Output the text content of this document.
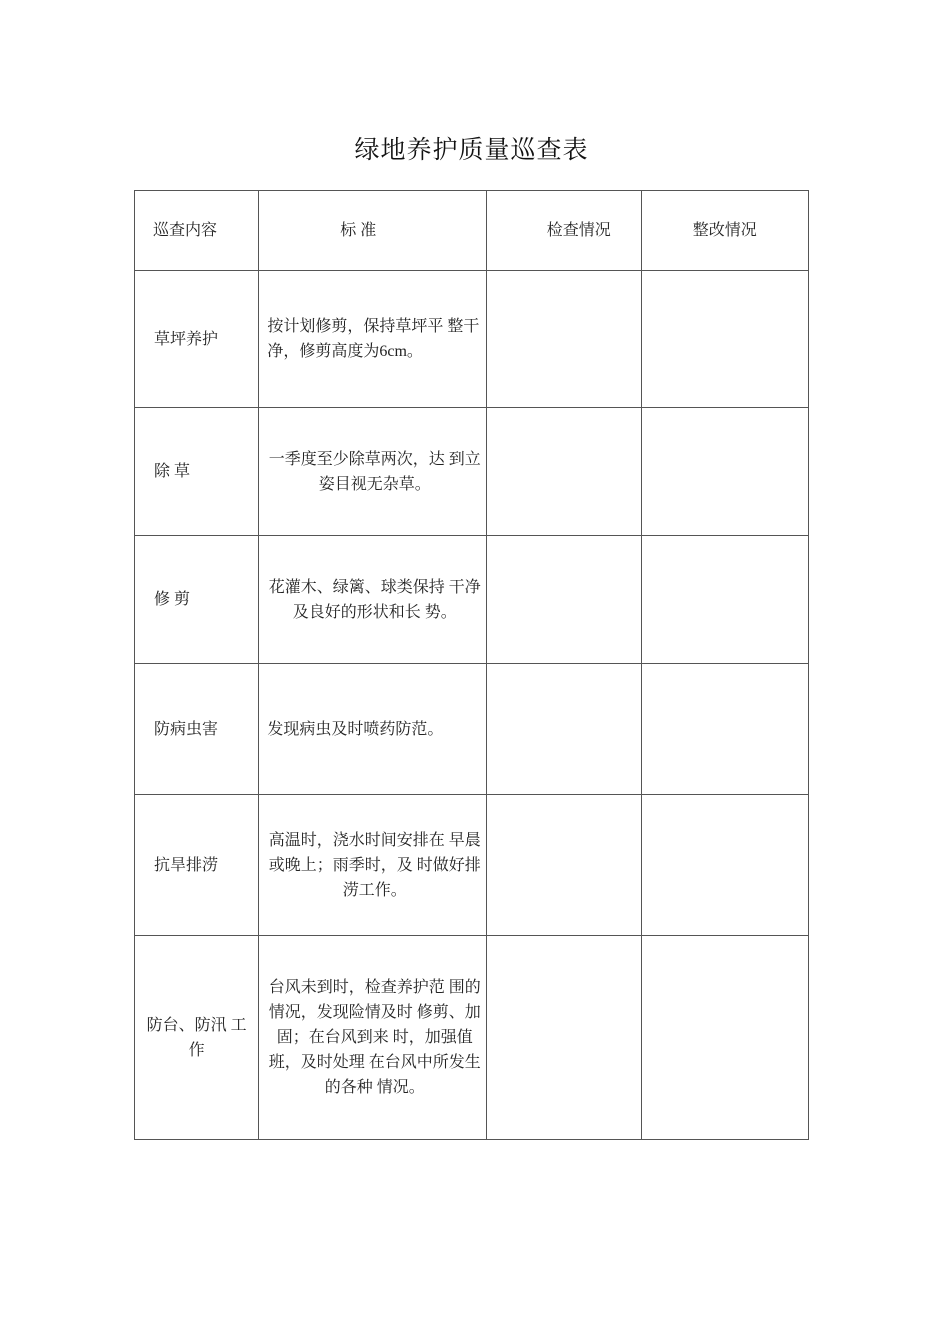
绿地养护质量巡查表
巡查内容	标 准	检查情况	整改情况
草坪养护	按计划修剪，保持草坪平 整干净，修剪高度为6cm。		
除 草	一季度至少除草两次，达 到立姿目视无杂草。		
修 剪	花灌木、绿篱、球类保持 干净及良好的形状和长 势。		
防病虫害	发现病虫及时喷药防范。		
抗旱排涝	高温时，浇水时间安排在 早晨或晚上；雨季时，及 时做好排涝工作。		
防台、防汛 工作	台风未到时，检查养护范 围的情况，发现险情及时 修剪、加固；在台风到来 时，加强值班，及时处理 在台风中所发生的各种 情况。		
